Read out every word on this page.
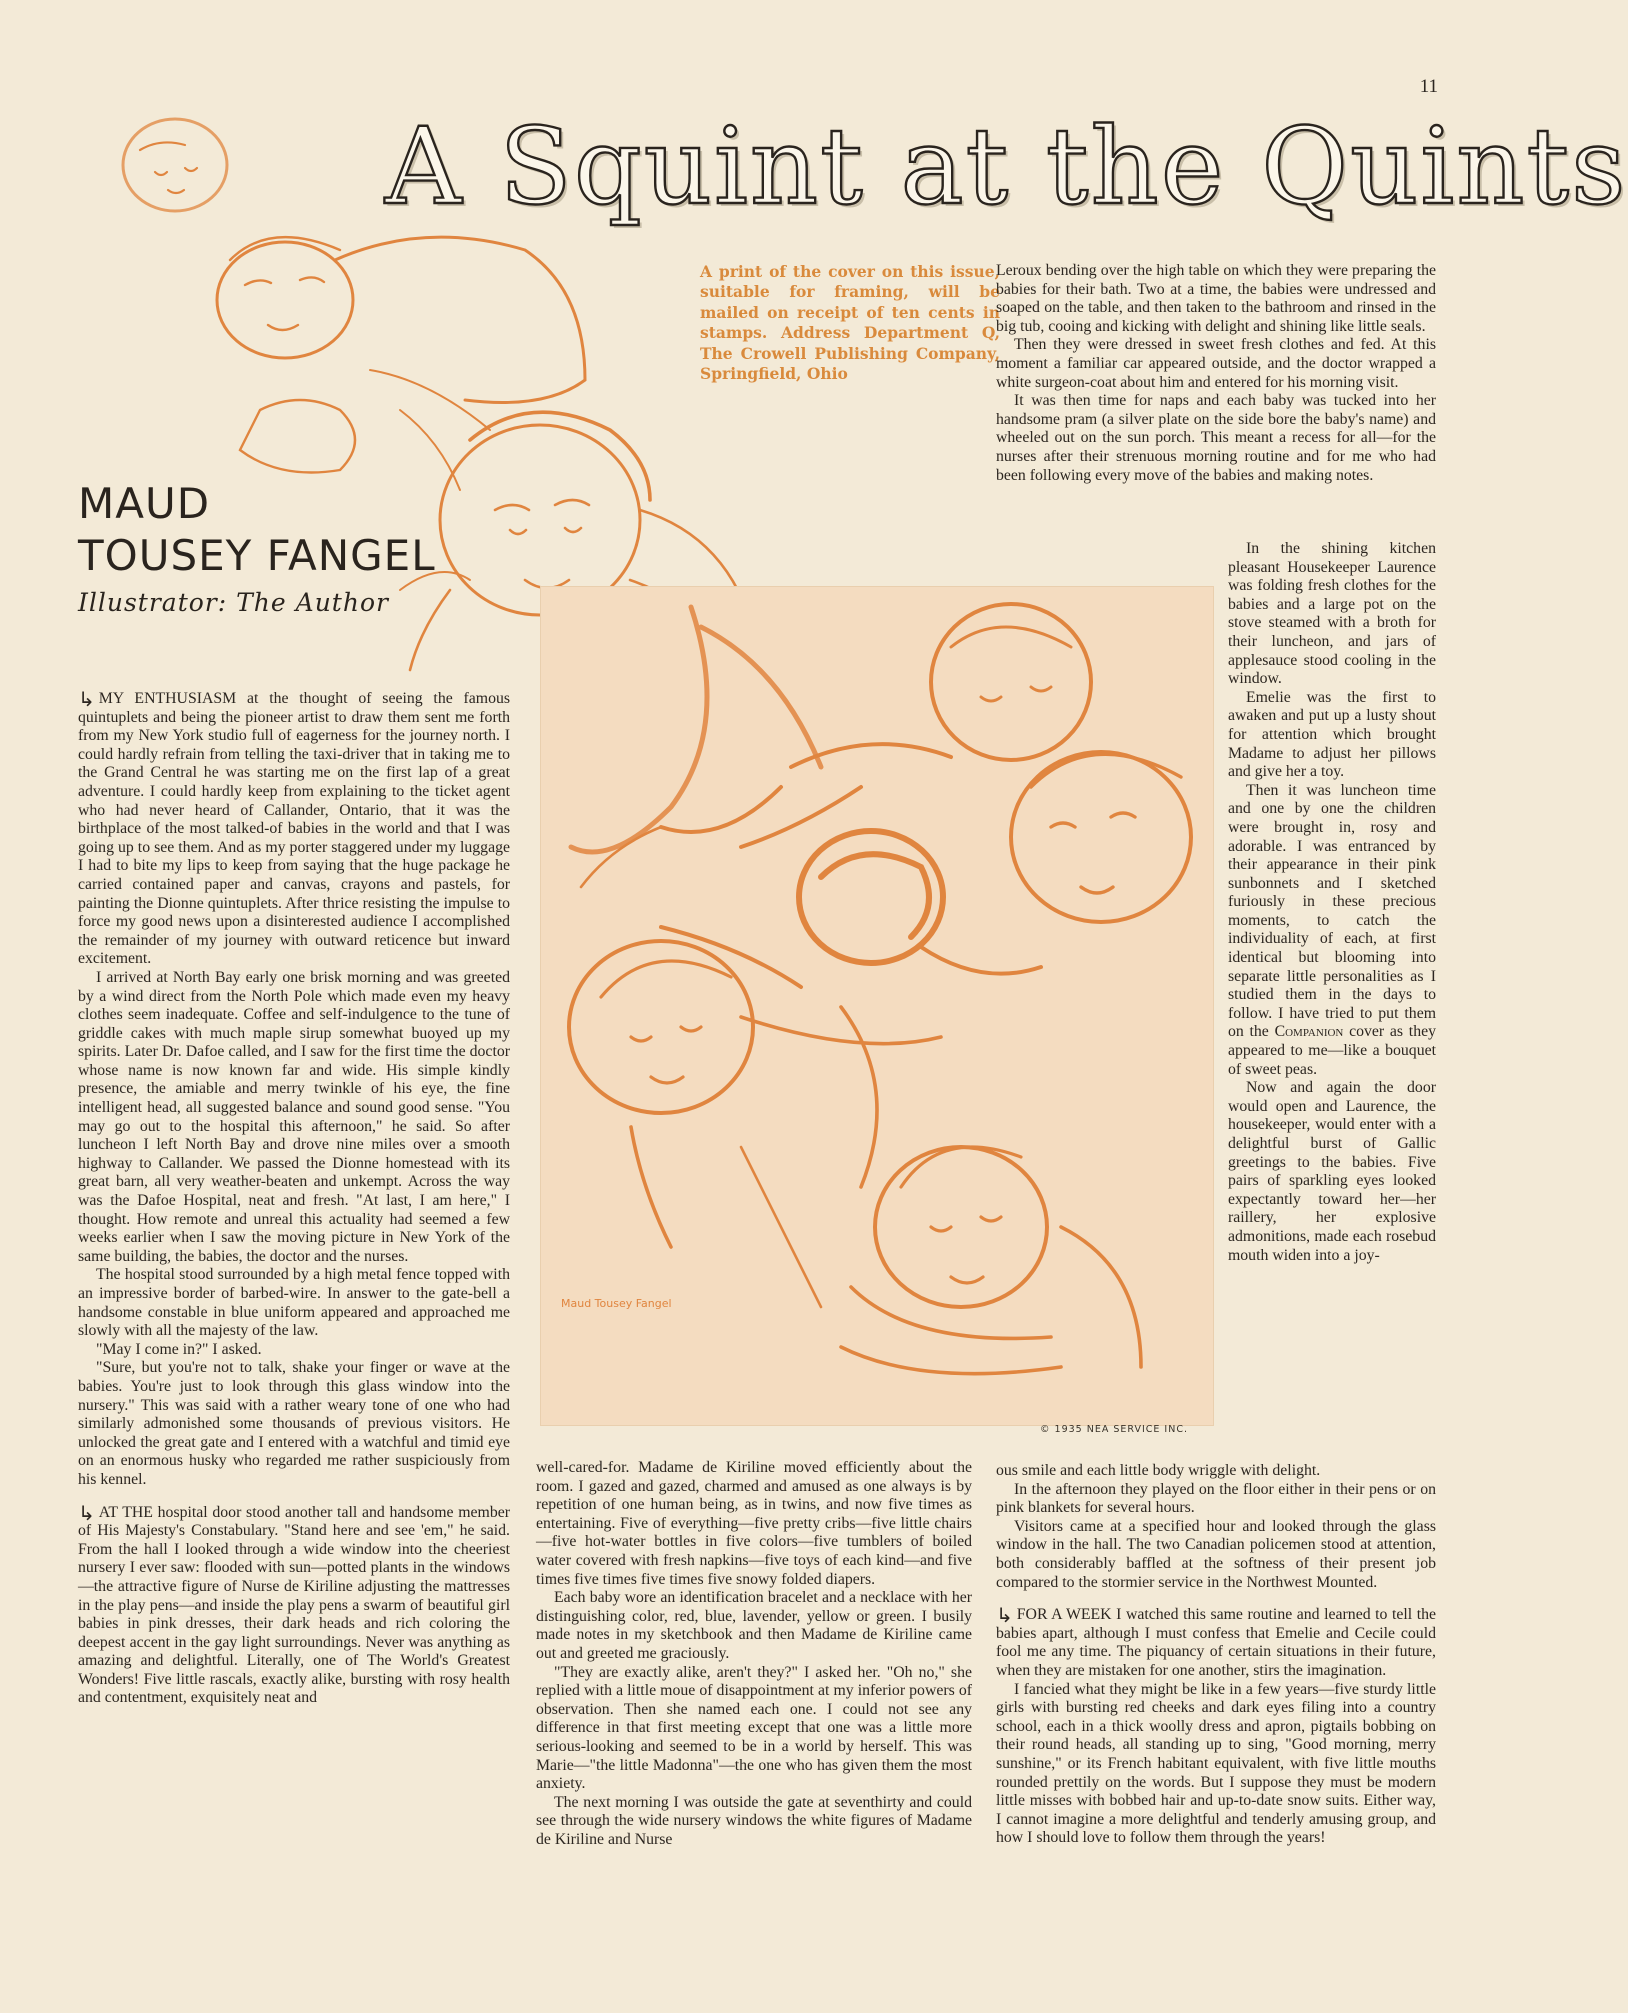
11
A Squint at the Quints
A print of the cover on this issue, suitable for framing, will be mailed on receipt of ten cents in stamps. Address Department Q, The Crowell Publishing Company, Springfield, Ohio
MAUD
TOUSEY FANGEL
Illustrator: The Author
Maud Tousey Fangel
© 1935 NEA SERVICE INC.

↳ MY ENTHUSIASM at the thought of seeing the famous quintuplets and being the pioneer artist to draw them sent me forth from my New York studio full of eagerness for the journey north. I could hardly refrain from telling the taxi-driver that in taking me to the Grand Central he was starting me on the first lap of a great adventure. I could hardly keep from explaining to the ticket agent who had never heard of Callander, Ontario, that it was the birthplace of the most talked-of babies in the world and that I was going up to see them. And as my porter staggered under my luggage I had to bite my lips to keep from saying that the huge package he carried contained paper and canvas, crayons and pastels, for painting the Dionne quintuplets. After thrice resisting the impulse to force my good news upon a disinterested audience I accomplished the remainder of my journey with outward reticence but inward excitement.

I arrived at North Bay early one brisk morning and was greeted by a wind direct from the North Pole which made even my heavy clothes seem inadequate. Coffee and self-indulgence to the tune of griddle cakes with much maple sirup somewhat buoyed up my spirits. Later Dr. Dafoe called, and I saw for the first time the doctor whose name is now known far and wide. His simple kindly presence, the amiable and merry twinkle of his eye, the fine intelligent head, all suggested balance and sound good sense. "You may go out to the hospital this afternoon," he said. So after luncheon I left North Bay and drove nine miles over a smooth highway to Callander. We passed the Dionne homestead with its great barn, all very weather-beaten and unkempt. Across the way was the Dafoe Hospital, neat and fresh. "At last, I am here," I thought. How remote and unreal this actuality had seemed a few weeks earlier when I saw the moving picture in New York of the same building, the babies, the doctor and the nurses.

The hospital stood surrounded by a high metal fence topped with an impressive border of barbed-wire. In answer to the gate-bell a handsome constable in blue uniform appeared and approached me slowly with all the majesty of the law.

"May I come in?" I asked.

"Sure, but you're not to talk, shake your finger or wave at the babies. You're just to look through this glass window into the nursery." This was said with a rather weary tone of one who had similarly admonished some thousands of previous visitors. He unlocked the great gate and I entered with a watchful and timid eye on an enormous husky who regarded me rather suspiciously from his kennel.

↳ AT THE hospital door stood another tall and handsome member of His Majesty's Constabulary. "Stand here and see 'em," he said. From the hall I looked through a wide window into the cheeriest nursery I ever saw: flooded with sun—potted plants in the windows—the attractive figure of Nurse de Kiriline adjusting the mattresses in the play pens—and inside the play pens a swarm of beautiful girl babies in pink dresses, their dark heads and rich coloring the deepest accent in the gay light surroundings. Never was anything as amazing and delightful. Literally, one of The World's Greatest Wonders! Five little rascals, exactly alike, bursting with rosy health and contentment, exquisitely neat and

well-cared-for. Madame de Kiriline moved efficiently about the room. I gazed and gazed, charmed and amused as one always is by repetition of one human being, as in twins, and now five times as entertaining. Five of everything—five pretty cribs—five little chairs—five hot-water bottles in five colors—five tumblers of boiled water covered with fresh napkins—five toys of each kind—and five times five times five times five snowy folded diapers.

Each baby wore an identification bracelet and a necklace with her distinguishing color, red, blue, lavender, yellow or green. I busily made notes in my sketchbook and then Madame de Kiriline came out and greeted me graciously.

"They are exactly alike, aren't they?" I asked her. "Oh no," she replied with a little moue of disappointment at my inferior powers of observation. Then she named each one. I could not see any difference in that first meeting except that one was a little more serious-looking and seemed to be in a world by herself. This was Marie—"the little Madonna"—the one who has given them the most anxiety.

The next morning I was outside the gate at seventhirty and could see through the wide nursery windows the white figures of Madame de Kiriline and Nurse

Leroux bending over the high table on which they were preparing the babies for their bath. Two at a time, the babies were undressed and soaped on the table, and then taken to the bathroom and rinsed in the big tub, cooing and kicking with delight and shining like little seals.

Then they were dressed in sweet fresh clothes and fed. At this moment a familiar car appeared outside, and the doctor wrapped a white surgeon-coat about him and entered for his morning visit.

It was then time for naps and each baby was tucked into her handsome pram (a silver plate on the side bore the baby's name) and wheeled out on the sun porch. This meant a recess for all—for the nurses after their strenuous morning routine and for me who had been following every move of the babies and making notes.

In the shining kitchen pleasant Housekeeper Laurence was folding fresh clothes for the babies and a large pot on the stove steamed with a broth for their luncheon, and jars of applesauce stood cooling in the window.

Emelie was the first to awaken and put up a lusty shout for attention which brought Madame to adjust her pillows and give her a toy.

Then it was luncheon time and one by one the children were brought in, rosy and adorable. I was entranced by their appearance in their pink sunbonnets and I sketched furiously in these precious moments, to catch the individuality of each, at first identical but blooming into separate little personalities as I studied them in the days to follow. I have tried to put them on the Companion cover as they appeared to me—like a bouquet of sweet peas.

Now and again the door would open and Laurence, the housekeeper, would enter with a delightful burst of Gallic greetings to the babies. Five pairs of sparkling eyes looked expectantly toward her—her raillery, her explosive admonitions, made each rosebud mouth widen into a joy-

ous smile and each little body wriggle with delight.

In the afternoon they played on the floor either in their pens or on pink blankets for several hours.

Visitors came at a specified hour and looked through the glass window in the hall. The two Canadian policemen stood at attention, both considerably baffled at the softness of their present job compared to the stormier service in the Northwest Mounted.

↳ FOR A WEEK I watched this same routine and learned to tell the babies apart, although I must confess that Emelie and Cecile could fool me any time. The piquancy of certain situations in their future, when they are mistaken for one another, stirs the imagination.

I fancied what they might be like in a few years—five sturdy little girls with bursting red cheeks and dark eyes filing into a country school, each in a thick woolly dress and apron, pigtails bobbing on their round heads, all standing up to sing, "Good morning, merry sunshine," or its French habitant equivalent, with five little mouths rounded prettily on the words. But I suppose they must be modern little misses with bobbed hair and up-to-date snow suits. Either way, I cannot imagine a more delightful and tenderly amusing group, and how I should love to follow them through the years!
